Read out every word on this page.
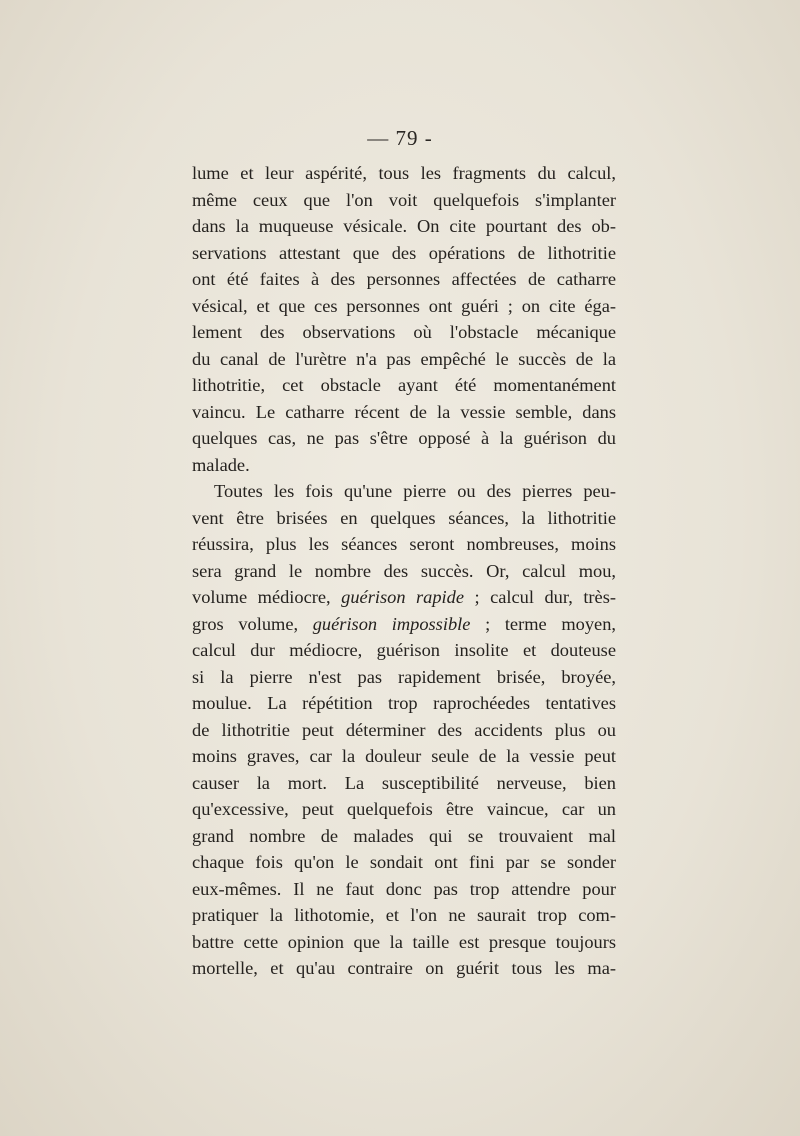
— 79 -
lume et leur aspérité, tous les fragments du calcul,
même ceux que l'on voit quelquefois s'implanter
dans la muqueuse vésicale. On cite pourtant des ob-
servations attestant que des opérations de lithotritie
ont été faites à des personnes affectées de catharre
vésical, et que ces personnes ont guéri ; on cite éga-
lement des observations où l'obstacle mécanique
du canal de l'urètre n'a pas empêché le succès de la
lithotritie, cet obstacle ayant été momentanément
vaincu. Le catharre récent de la vessie semble, dans
quelques cas, ne pas s'être opposé à la guérison du
malade.
Toutes les fois qu'une pierre ou des pierres peu-
vent être brisées en quelques séances, la lithotritie
réussira, plus les séances seront nombreuses, moins
sera grand le nombre des succès. Or, calcul mou,
volume médiocre, guérison rapide ; calcul dur, très-
gros volume, guérison impossible ; terme moyen,
calcul dur médiocre, guérison insolite et douteuse
si la pierre n'est pas rapidement brisée, broyée,
moulue. La répétition trop raprochéedes tentatives
de lithotritie peut déterminer des accidents plus ou
moins graves, car la douleur seule de la vessie peut
causer la mort. La susceptibilité nerveuse, bien
qu'excessive, peut quelquefois être vaincue, car un
grand nombre de malades qui se trouvaient mal
chaque fois qu'on le sondait ont fini par se sonder
eux-mêmes. Il ne faut donc pas trop attendre pour
pratiquer la lithotomie, et l'on ne saurait trop com-
battre cette opinion que la taille est presque toujours
mortelle, et qu'au contraire on guérit tous les ma-
